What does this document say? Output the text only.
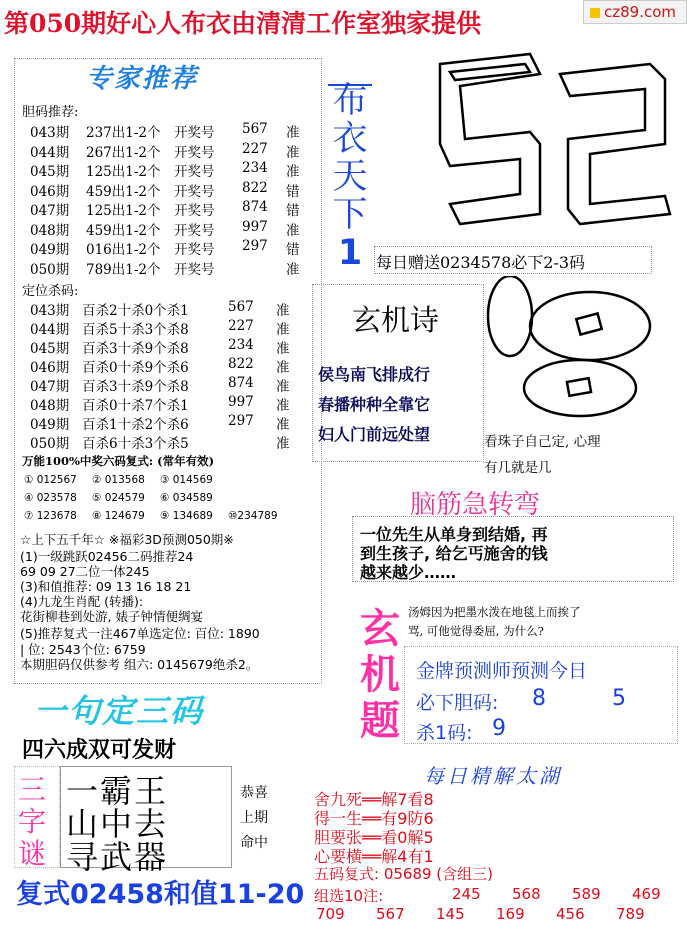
第050期好心人布衣由清清工作室独家提供	cz89.com
专家推荐
胆码推荐:
043期 237出1-2个 开奖号 567 准
044期 267出1-2个 开奖号 227 准
045期 125出1-2个 开奖号 234 准
046期 459出1-2个 开奖号 822 错
047期 125出1-2个 开奖号 874 错
048期 459出1-2个 开奖号 997 准
049期 016出1-2个 开奖号 297 错
050期 789出1-2个 开奖号	准
定位杀码:
043期 百杀2十杀0个杀1	567 准
044期 百杀5十杀3个杀8	227 准
045期 百杀3十杀9个杀8	234 准
046期 百杀0十杀9个杀6	822 准
047期 百杀3十杀9个杀8	874 准
048期 百杀0十杀7个杀1	997 准
049期 百杀1十杀2个杀6	297 准
050期 百杀6十杀3个杀5	准
万能100%中奖六码复式: (常年有效)
① 012567 ② 013568 ③ 014569
④ 023578 ⑤ 024579 ⑥ 034589
⑦ 123678 ⑧ 124679 ⑨ 134689 ⑩234789
☆上下五千年☆ ※福彩3D预测050期※
(1)一级跳跃02456二码推荐24
69 09 27二位一体245
(3)和值推荐: 09 13 16 18 21
(4)九龙生肖配 (转播):
花街柳巷到处游, 婊子钟情便绸宴
(5)推荐复式一注467单选定位: 百位: 1890
| 位: 2543个位: 6759
本期胆码仅供参考 组六: 0145679绝杀2。
布
衣
天
下
1 每日赠送0234578必下2-3码
玄机诗
侯鸟南飞排成行
春播种种全靠它
妇人门前远处望	看珠子自己定, 心理
有几就是几
脑筋急转弯
一位先生从单身到结婚, 再
到生孩子, 给乞丐施舍的钱
越来越少……
玄
机
题
汤姆因为把墨水泼在地毯上而挨了
骂, 可他觉得委屈, 为什么?
金牌预测师预测今日
必下胆码: 8	5
杀1码: 9
每日精解太湖
舍九死══解7看8
得一生══有9防6
胆要张══看0解5
心要横══解4有1
五码复式: 05689 (含组三)
组选10注:	245 568 589 469
709 567 145 169 456 789
一句定三码
四六成双可发财
三
字
谜
一霸王
山中去
寻武器
恭喜
上期
命中
复式02458和值11-20
